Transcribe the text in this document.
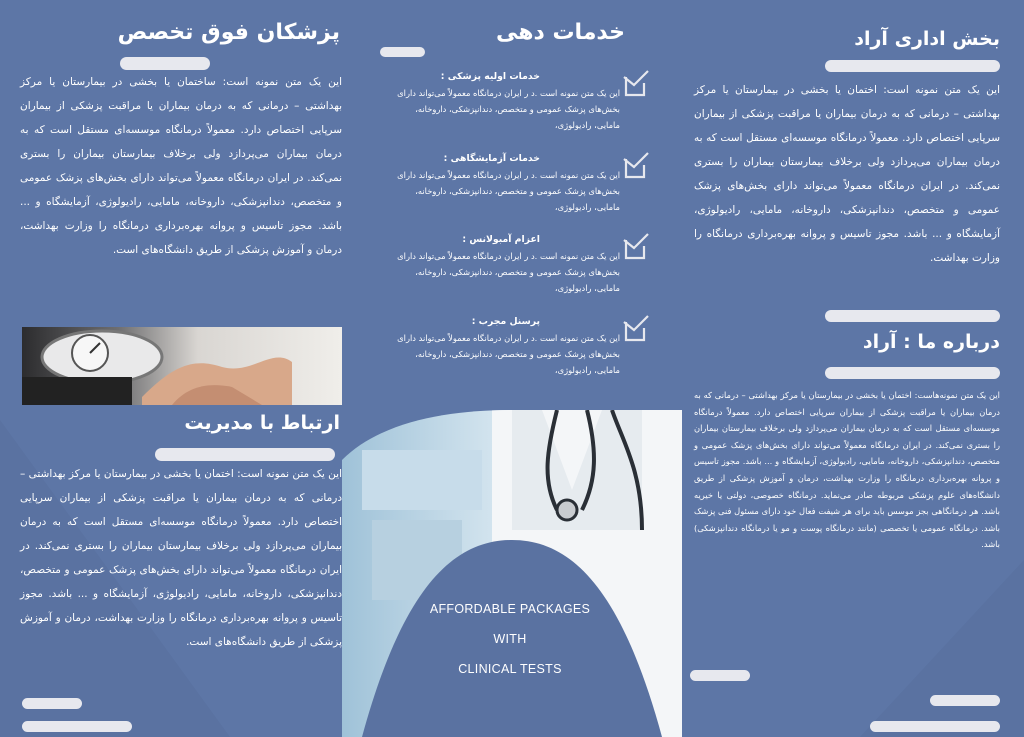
پزشکان فوق تخصص
این یک متن نمونه است: ساختمان یا بخشی در بیمارستان یا مرکز بهداشتی – درمانی که به درمان بیماران یا مراقبت پزشکی از بیماران سرپایی اختصاص دارد. معمولاً درمانگاه موسسه‌ای مستقل است که به درمان بیماران می‌پردازد ولی برخلاف بیمارستان بیماران را بستری نمی‌کند. در ایران درمانگاه معمولاً می‌تواند دارای بخش‌های پزشک عمومی و متخصص، دندانپزشکی، داروخانه، مامایی، رادیولوژی، آزمایشگاه و ... باشد. مجوز تاسیس و پروانه بهره‌برداری درمانگاه را وزارت بهداشت، درمان و آموزش پزشکی از طریق دانشگاه‌های است.
ارتباط با مدیریت
این یک متن نمونه است: اختمان یا بخشی در بیمارستان یا مرکز بهداشتی – درمانی که به درمان بیماران یا مراقبت پزشکی از بیماران سرپایی اختصاص دارد. معمولاً درمانگاه موسسه‌ای مستقل است که به درمان بیماران می‌پردازد ولی برخلاف بیمارستان بیماران را بستری نمی‌کند. در ایران درمانگاه معمولاً می‌تواند دارای بخش‌های پزشک عمومی و متخصص، دندانپزشکی، داروخانه، مامایی، رادیولوژی، آزمایشگاه و ... باشد. مجوز تاسیس و پروانه بهره‌برداری درمانگاه را وزارت بهداشت، درمان و آموزش پزشکی از طریق دانشگاه‌های است.
خدمات دهی
خدمات اولیه پزشکی :
این یک متن نمونه است .د ر ایران درمانگاه معمولاً می‌تواند دارای بخش‌های پزشک عمومی و متخصص، دندانپزشکی، داروخانه، مامایی، رادیولوژی،
خدمات آزمایشگاهی :
این یک متن نمونه است .د ر ایران درمانگاه معمولاً می‌تواند دارای بخش‌های پزشک عمومی و متخصص، دندانپزشکی، داروخانه، مامایی، رادیولوژی،
اعزام آمبولانس :
این یک متن نمونه است .د ر ایران درمانگاه معمولاً می‌تواند دارای بخش‌های پزشک عمومی و متخصص، دندانپزشکی، داروخانه، مامایی، رادیولوژی،
پرسنل مجرب :
این یک متن نمونه است .د ر ایران درمانگاه معمولاً می‌تواند دارای بخش‌های پزشک عمومی و متخصص، دندانپزشکی، داروخانه، مامایی، رادیولوژی،
AFFORDABLE PACKAGES
WITH
CLINICAL TESTS
بخش اداری آراد
این یک متن نمونه است: اختمان یا بخشی در بیمارستان یا مرکز بهداشتی – درمانی که به درمان بیماران یا مراقبت پزشکی از بیماران سرپایی اختصاص دارد. معمولاً درمانگاه موسسه‌ای مستقل است که به درمان بیماران می‌پردازد ولی برخلاف بیمارستان بیماران را بستری نمی‌کند. در ایران درمانگاه معمولاً می‌تواند دارای بخش‌های پزشک عمومی و متخصص، دندانپزشکی، داروخانه، مامایی، رادیولوژی، آزمایشگاه و ... باشد. مجوز تاسیس و پروانه بهره‌برداری درمانگاه را وزارت بهداشت.
درباره ما : آراد
این یک متن نمونه‌هاست: اختمان یا بخشی در بیمارستان یا مرکز بهداشتی – درمانی که به درمان بیماران یا مراقبت پزشکی از بیماران سرپایی اختصاص دارد. معمولاً درمانگاه موسسه‌ای مستقل است که به درمان بیماران می‌پردازد ولی برخلاف بیمارستان بیماران را بستری نمی‌کند. در ایران درمانگاه معمولاً می‌تواند دارای بخش‌های پزشک عمومی و متخصص، دندانپزشکی، داروخانه، مامایی، رادیولوژی، آزمایشگاه و ... باشد. مجوز تاسیس و پروانه بهره‌برداری درمانگاه را وزارت بهداشت، درمان و آموزش پزشکی از طریق دانشگاه‌های علوم پزشکی مربوطه صادر می‌نماید. درمانگاه خصوصی، دولتی یا خیریه باشد. هر درمانگاهی بجز موسس باید برای هر شیفت فعال خود دارای مسئول فنی پزشک باشد. درمانگاه عمومی یا تخصصی (مانند درمانگاه پوست و مو یا درمانگاه دندانپزشکی) باشد.
